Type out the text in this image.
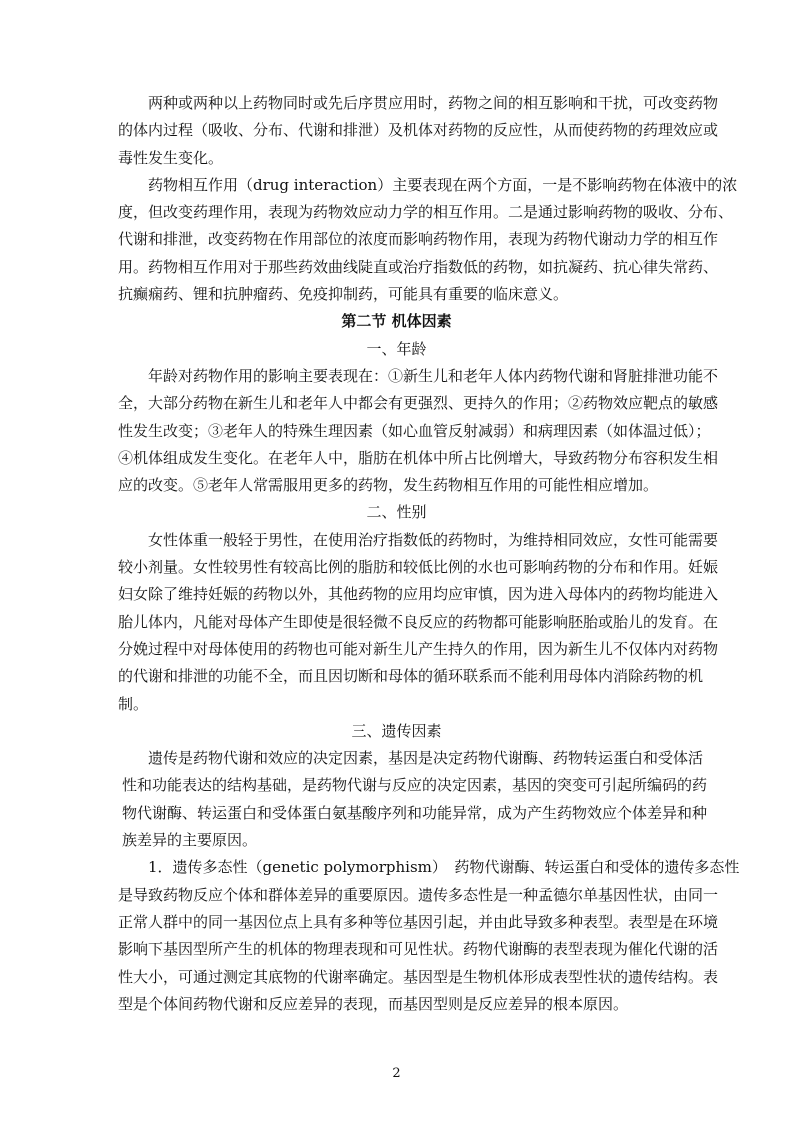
两种或两种以上药物同时或先后序贯应用时，药物之间的相互影响和干扰，可改变药物
的体内过程（吸收、分布、代谢和排泄）及机体对药物的反应性，从而使药物的药理效应或
毒性发生变化。
药物相互作用（drug interaction）主要表现在两个方面，一是不影响药物在体液中的浓
度，但改变药理作用，表现为药物效应动力学的相互作用。二是通过影响药物的吸收、分布、
代谢和排泄，改变药物在作用部位的浓度而影响药物作用，表现为药物代谢动力学的相互作
用。药物相互作用对于那些药效曲线陡直或治疗指数低的药物，如抗凝药、抗心律失常药、
抗癫痫药、锂和抗肿瘤药、免疫抑制药，可能具有重要的临床意义。
第二节 机体因素
一、年龄
年龄对药物作用的影响主要表现在：①新生儿和老年人体内药物代谢和肾脏排泄功能不
全，大部分药物在新生儿和老年人中都会有更强烈、更持久的作用；②药物效应靶点的敏感
性发生改变；③老年人的特殊生理因素（如心血管反射减弱）和病理因素（如体温过低）；
④机体组成发生变化。在老年人中，脂肪在机体中所占比例增大，导致药物分布容积发生相
应的改变。⑤老年人常需服用更多的药物，发生药物相互作用的可能性相应增加。
二、性别
女性体重一般轻于男性，在使用治疗指数低的药物时，为维持相同效应，女性可能需要
较小剂量。女性较男性有较高比例的脂肪和较低比例的水也可影响药物的分布和作用。妊娠
妇女除了维持妊娠的药物以外，其他药物的应用均应审慎，因为进入母体内的药物均能进入
胎儿体内，凡能对母体产生即使是很轻微不良反应的药物都可能影响胚胎或胎儿的发育。在
分娩过程中对母体使用的药物也可能对新生儿产生持久的作用，因为新生儿不仅体内对药物
的代谢和排泄的功能不全，而且因切断和母体的循环联系而不能利用母体内消除药物的机
制。
三、遗传因素
遗传是药物代谢和效应的决定因素，基因是决定药物代谢酶、药物转运蛋白和受体活
性和功能表达的结构基础，是药物代谢与反应的决定因素，基因的突变可引起所编码的药
物代谢酶、转运蛋白和受体蛋白氨基酸序列和功能异常，成为产生药物效应个体差异和种
族差异的主要原因。
1．遗传多态性（genetic polymorphism）　药物代谢酶、转运蛋白和受体的遗传多态性
是导致药物反应个体和群体差异的重要原因。遗传多态性是一种孟德尔单基因性状，由同一
正常人群中的同一基因位点上具有多种等位基因引起，并由此导致多种表型。表型是在环境
影响下基因型所产生的机体的物理表现和可见性状。药物代谢酶的表型表现为催化代谢的活
性大小，可通过测定其底物的代谢率确定。基因型是生物机体形成表型性状的遗传结构。表
型是个体间药物代谢和反应差异的表现，而基因型则是反应差异的根本原因。
2
